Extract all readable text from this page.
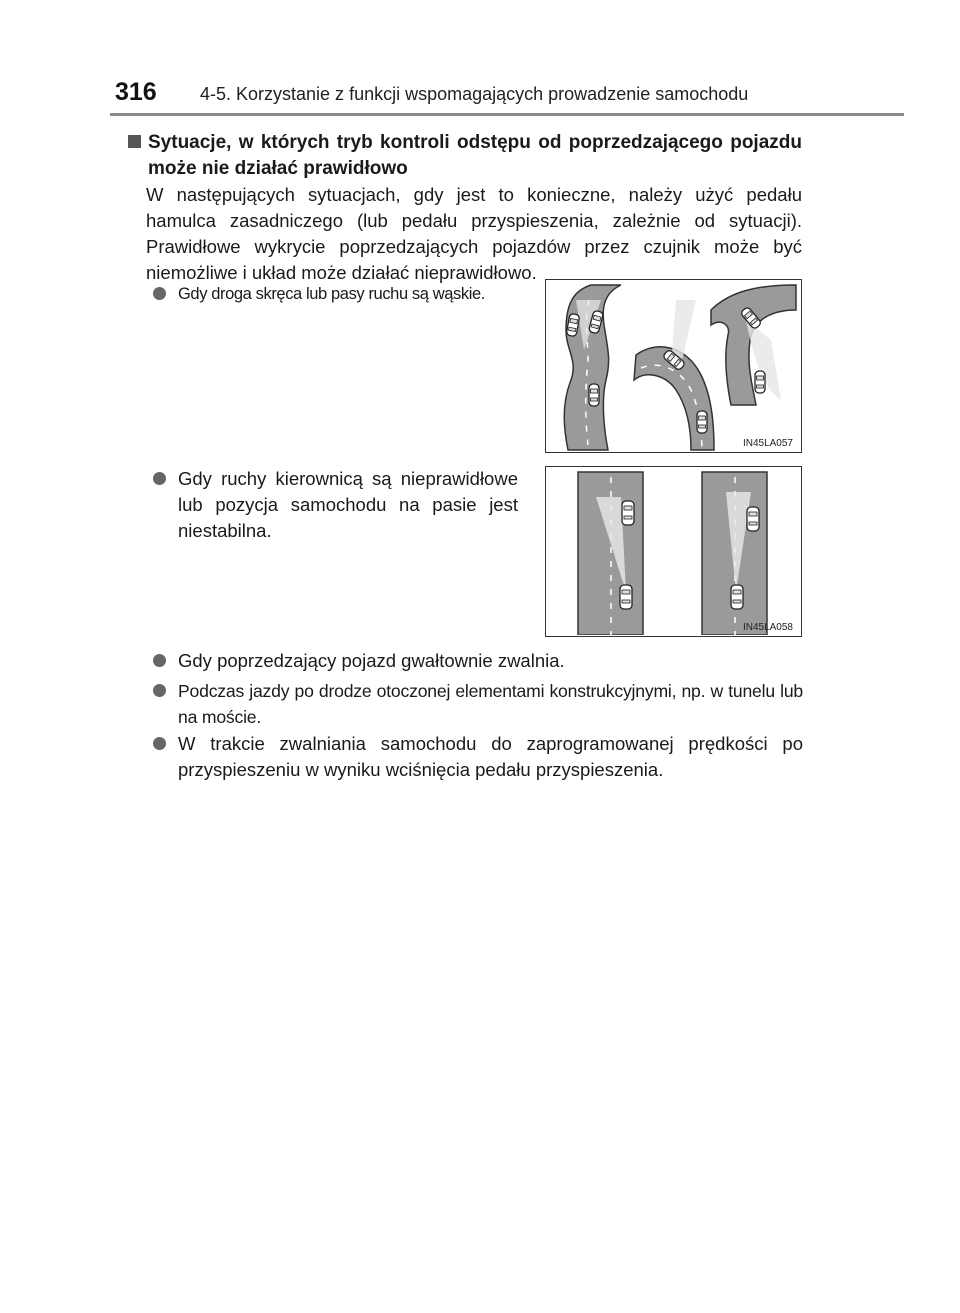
316 4-5. Korzystanie z funkcji wspomagających prowadzenie samochodu
Sytuacje, w których tryb kontroli odstępu od poprzedzającego pojazdu może nie działać prawidłowo
W następujących sytuacjach, gdy jest to konieczne, należy użyć pedału hamulca zasadniczego (lub pedału przyspieszenia, zależnie od sytuacji). Prawidłowe wykrycie poprzedzających pojazdów przez czujnik może być niemożliwe i układ może działać nieprawidłowo.
Gdy droga skręca lub pasy ruchu są wąskie.
IN45LA057
Gdy ruchy kierownicą są nieprawidłowe lub pozycja samochodu na pasie jest niestabilna.
IN45LA058
Gdy poprzedzający pojazd gwałtownie zwalnia.
Podczas jazdy po drodze otoczonej elementami konstrukcyjnymi, np. w tunelu lub na moście.
W trakcie zwalniania samochodu do zaprogramowanej prędkości po przyspieszeniu w wyniku wciśnięcia pedału przyspieszenia.
